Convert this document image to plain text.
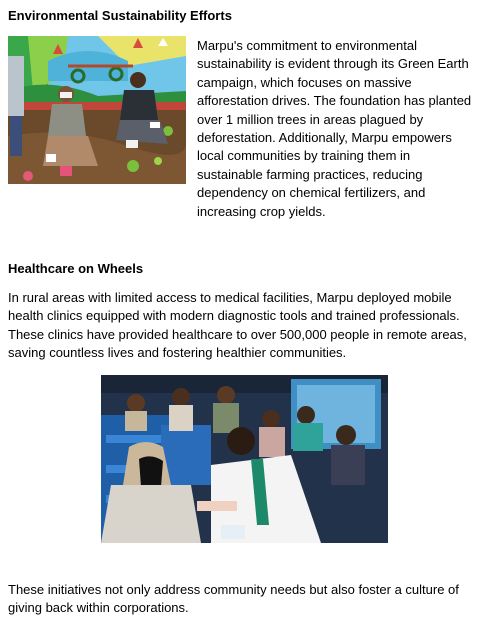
Environmental Sustainability Efforts

Marpu's commitment to environmental sustainability is evident through its Green Earth campaign, which focuses on massive afforestation drives. The foundation has planted over 1 million trees in areas plagued by deforestation. Additionally, Marpu empowers local communities by training them in sustainable farming practices, reducing dependency on chemical fertilizers, and increasing crop yields.

Healthcare on Wheels

In rural areas with limited access to medical facilities, Marpu deployed mobile health clinics equipped with modern diagnostic tools and trained professionals. These clinics have provided healthcare to over 500,000 people in remote areas, saving countless lives and fostering healthier communities.

These initiatives not only address community needs but also foster a culture of giving back within corporations.
